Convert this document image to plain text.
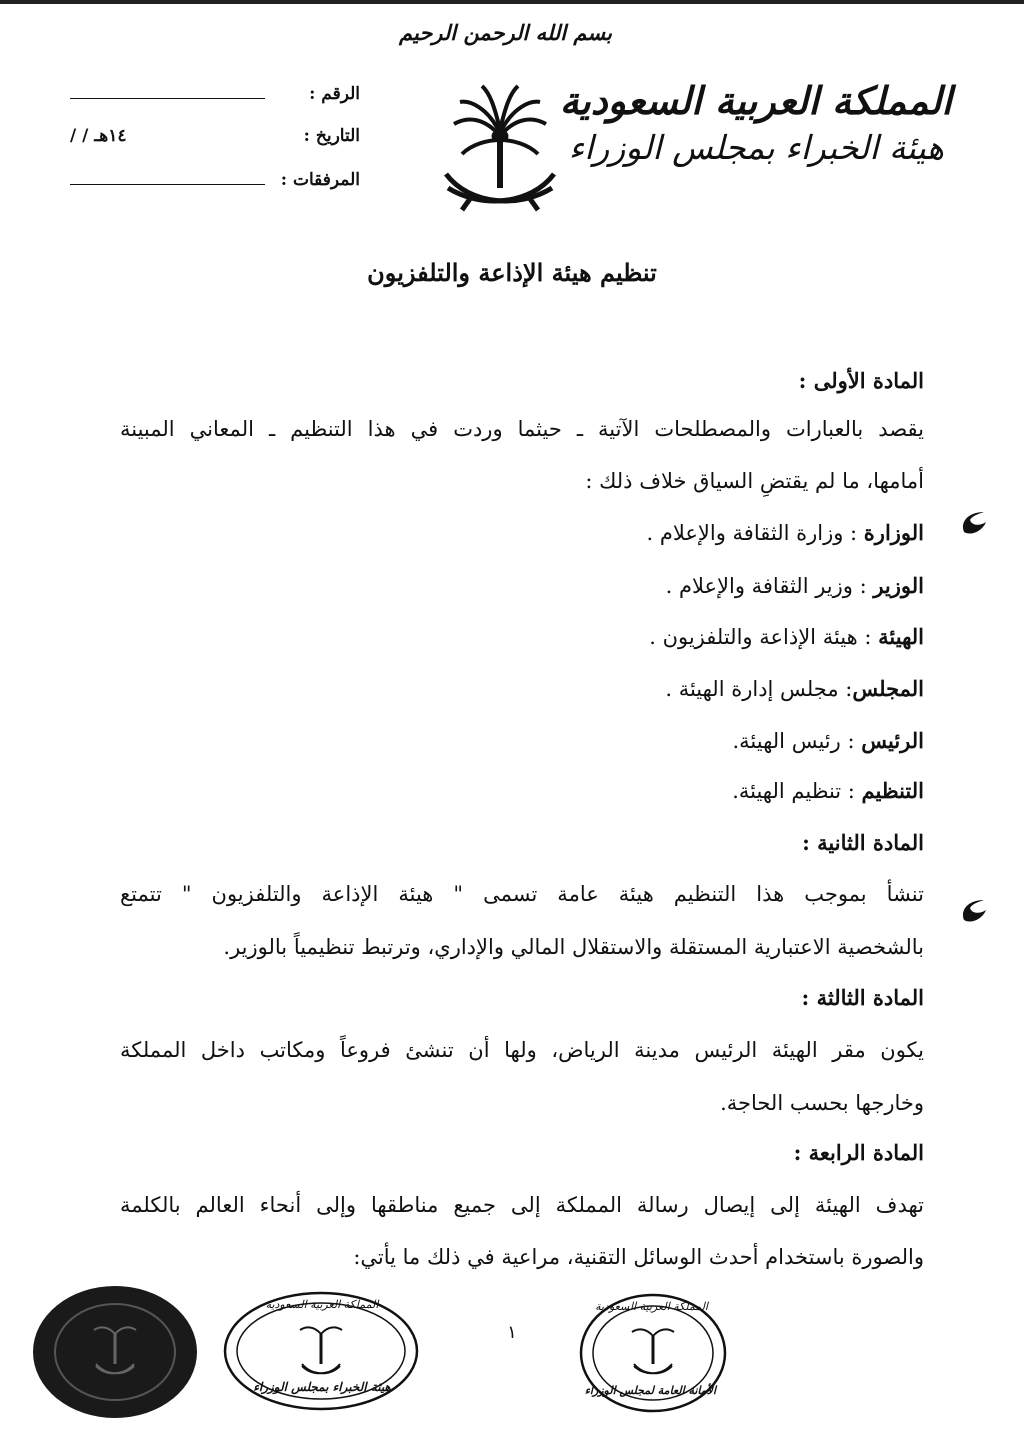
بسم الله الرحمن الرحيم
المملكة العربية السعودية
هيئة الخبراء بمجلس الوزراء
الرقم :
التاريخ :
/ / ١٤هـ
المرفقات :
تنظيم هيئة الإذاعة والتلفزيون
المادة الأولى :
يقصد بالعبارات والمصطلحات الآتية ـ حيثما وردت في هذا التنظيم ـ المعاني المبينة
أمامها، ما لم يقتضِ السياق خلاف ذلك :
الوزارة : وزارة الثقافة والإعلام .
الوزير : وزير الثقافة والإعلام .
الهيئة : هيئة الإذاعة والتلفزيون .
المجلس: مجلس إدارة الهيئة .
الرئيس : رئيس الهيئة.
التنظيم : تنظيم الهيئة.
المادة الثانية :
تنشأ بموجب هذا التنظيم هيئة عامة تسمى " هيئة الإذاعة والتلفزيون " تتمتع
بالشخصية الاعتبارية المستقلة والاستقلال المالي والإداري، وترتبط تنظيمياً بالوزير.
المادة الثالثة :
يكون مقر الهيئة الرئيس مدينة الرياض، ولها أن تنشئ فروعاً ومكاتب داخل المملكة
وخارجها بحسب الحاجة.
المادة الرابعة :
تهدف الهيئة إلى إيصال رسالة المملكة إلى جميع مناطقها وإلى أنحاء العالم بالكلمة
والصورة باستخدام أحدث الوسائل التقنية، مراعية في ذلك ما يأتي:
المملكة العربية السعودية
هيئة الخبراء بمجلس الوزراء
١
المملكة العربية السعودية
الأمانة العامة لمجلس الوزراء
